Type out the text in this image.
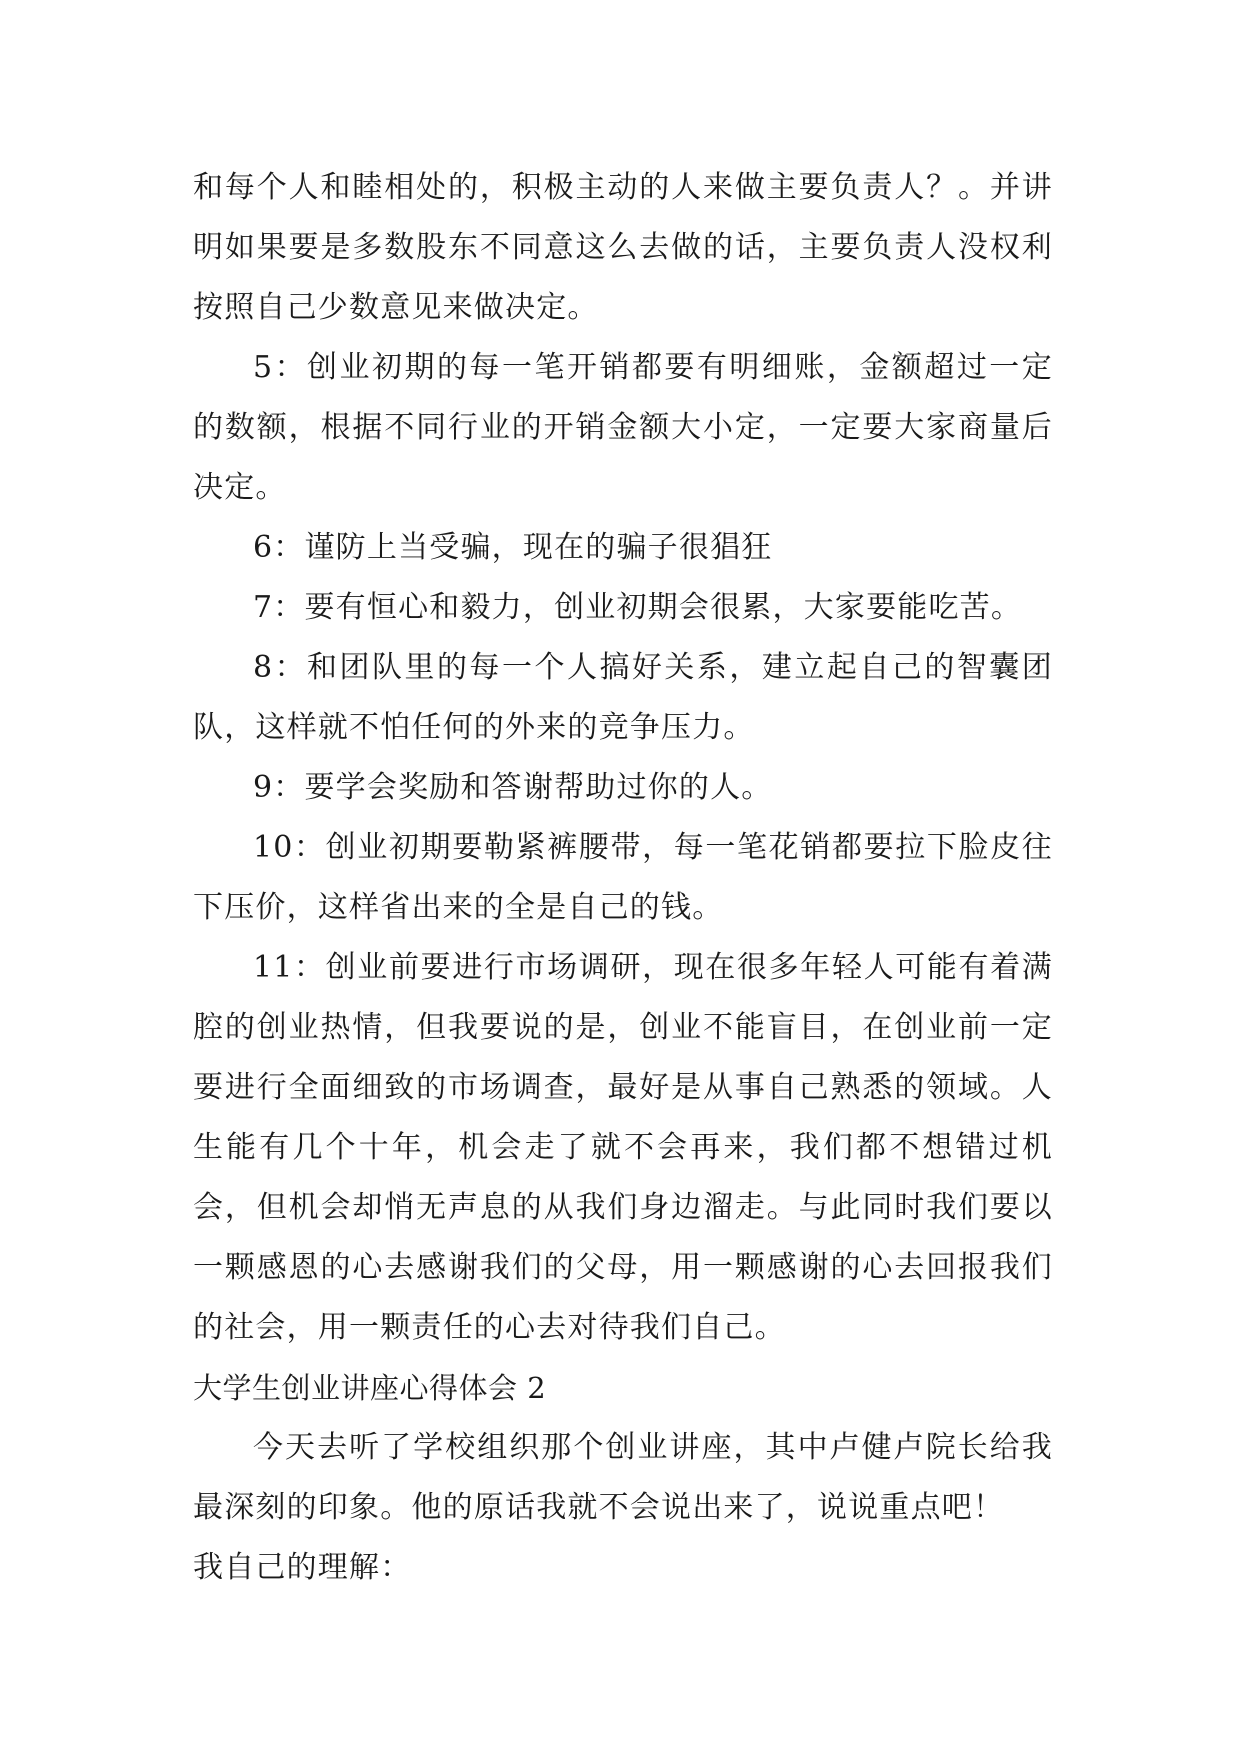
和每个人和睦相处的，积极主动的人来做主要负责人？。并讲明如果要是多数股东不同意这么去做的话，主要负责人没权利按照自己少数意见来做决定。

5：创业初期的每一笔开销都要有明细账，金额超过一定的数额，根据不同行业的开销金额大小定，一定要大家商量后决定。

6：谨防上当受骗，现在的骗子很猖狂

7：要有恒心和毅力，创业初期会很累，大家要能吃苦。

8：和团队里的每一个人搞好关系，建立起自己的智囊团队，这样就不怕任何的外来的竞争压力。

9：要学会奖励和答谢帮助过你的人。

10：创业初期要勒紧裤腰带，每一笔花销都要拉下脸皮往下压价，这样省出来的全是自己的钱。

11：创业前要进行市场调研，现在很多年轻人可能有着满腔的创业热情，但我要说的是，创业不能盲目，在创业前一定要进行全面细致的市场调查，最好是从事自己熟悉的领域。人生能有几个十年，机会走了就不会再来，我们都不想错过机会，但机会却悄无声息的从我们身边溜走。与此同时我们要以一颗感恩的心去感谢我们的父母，用一颗感谢的心去回报我们的社会，用一颗责任的心去对待我们自己。

大学生创业讲座心得体会 2

今天去听了学校组织那个创业讲座，其中卢健卢院长给我最深刻的印象。他的原话我就不会说出来了，说说重点吧！

我自己的理解：
